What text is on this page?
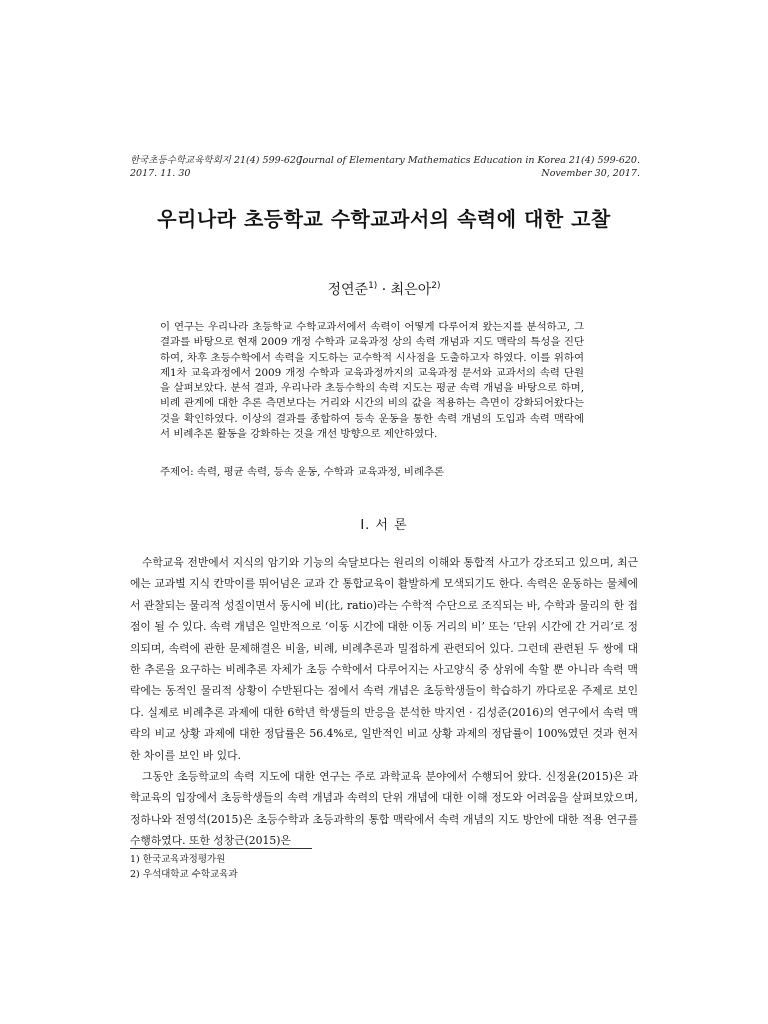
한국초등수학교육학회지 21(4) 599-620.
2017. 11. 30
Journal of Elementary Mathematics Education in Korea 21(4) 599-620.
November 30, 2017.
우리나라 초등학교 수학교과서의 속력에 대한 고찰
정연준$^{1)}$ · 최은아$^{2)}$
이 연구는 우리나라 초등학교 수학교과서에서 속력이 어떻게 다루어져 왔는지를 분석하고, 그 결과를 바탕으로 현재 2009 개정 수학과 교육과정 상의 속력 개념과 지도 맥락의 특성을 진단하여, 차후 초등수학에서 속력을 지도하는 교수학적 시사점을 도출하고자 하였다. 이를 위하여 제1차 교육과정에서 2009 개정 수학과 교육과정까지의 교육과정 문서와 교과서의 속력 단원을 살펴보았다. 분석 결과, 우리나라 초등수학의 속력 지도는 평균 속력 개념을 바탕으로 하며, 비례 관계에 대한 추론 측면보다는 거리와 시간의 비의 값을 적용하는 측면이 강화되어왔다는 것을 확인하였다. 이상의 결과를 종합하여 등속 운동을 통한 속력 개념의 도입과 속력 맥락에서 비례추론 활동을 강화하는 것을 개선 방향으로 제안하였다.
주제어: 속력, 평균 속력, 등속 운동, 수학과 교육과정, 비례추론
Ⅰ. 서 론

수학교육 전반에서 지식의 암기와 기능의 숙달보다는 원리의 이해와 통합적 사고가 강조되고 있으며, 최근에는 교과별 지식 칸막이를 뛰어넘은 교과 간 통합교육이 활발하게 모색되기도 한다. 속력은 운동하는 물체에서 관찰되는 물리적 성질이면서 동시에 비(比, ratio)라는 수학적 수단으로 조직되는 바, 수학과 물리의 한 접점이 될 수 있다. 속력 개념은 일반적으로 ‘이동 시간에 대한 이동 거리의 비’ 또는 ‘단위 시간에 간 거리’로 정의되며, 속력에 관한 문제해결은 비율, 비례, 비례추론과 밀접하게 관련되어 있다. 그런데 관련된 두 쌍에 대한 추론을 요구하는 비례추론 자체가 초등 수학에서 다루어지는 사고양식 중 상위에 속할 뿐 아니라 속력 맥락에는 동적인 물리적 상황이 수반된다는 점에서 속력 개념은 초등학생들이 학습하기 까다로운 주제로 보인다. 실제로 비례추론 과제에 대한 6학년 학생들의 반응을 분석한 박지연 · 김성준(2016)의 연구에서 속력 맥락의 비교 상황 과제에 대한 정답률은 56.4%로, 일반적인 비교 상황 과제의 정답률이 100%였던 것과 현저한 차이를 보인 바 있다.

그동안 초등학교의 속력 지도에 대한 연구는 주로 과학교육 분야에서 수행되어 왔다. 신정윤(2015)은 과학교육의 입장에서 초등학생들의 속력 개념과 속력의 단위 개념에 대한 이해 정도와 어려움을 살펴보았으며, 정하나와 전영석(2015)은 초등수학과 초등과학의 통합 맥락에서 속력 개념의 지도 방안에 대한 적용 연구를 수행하였다. 또한 성창근(2015)은

1) 한국교육과정평가원
2) 우석대학교 수학교육과
